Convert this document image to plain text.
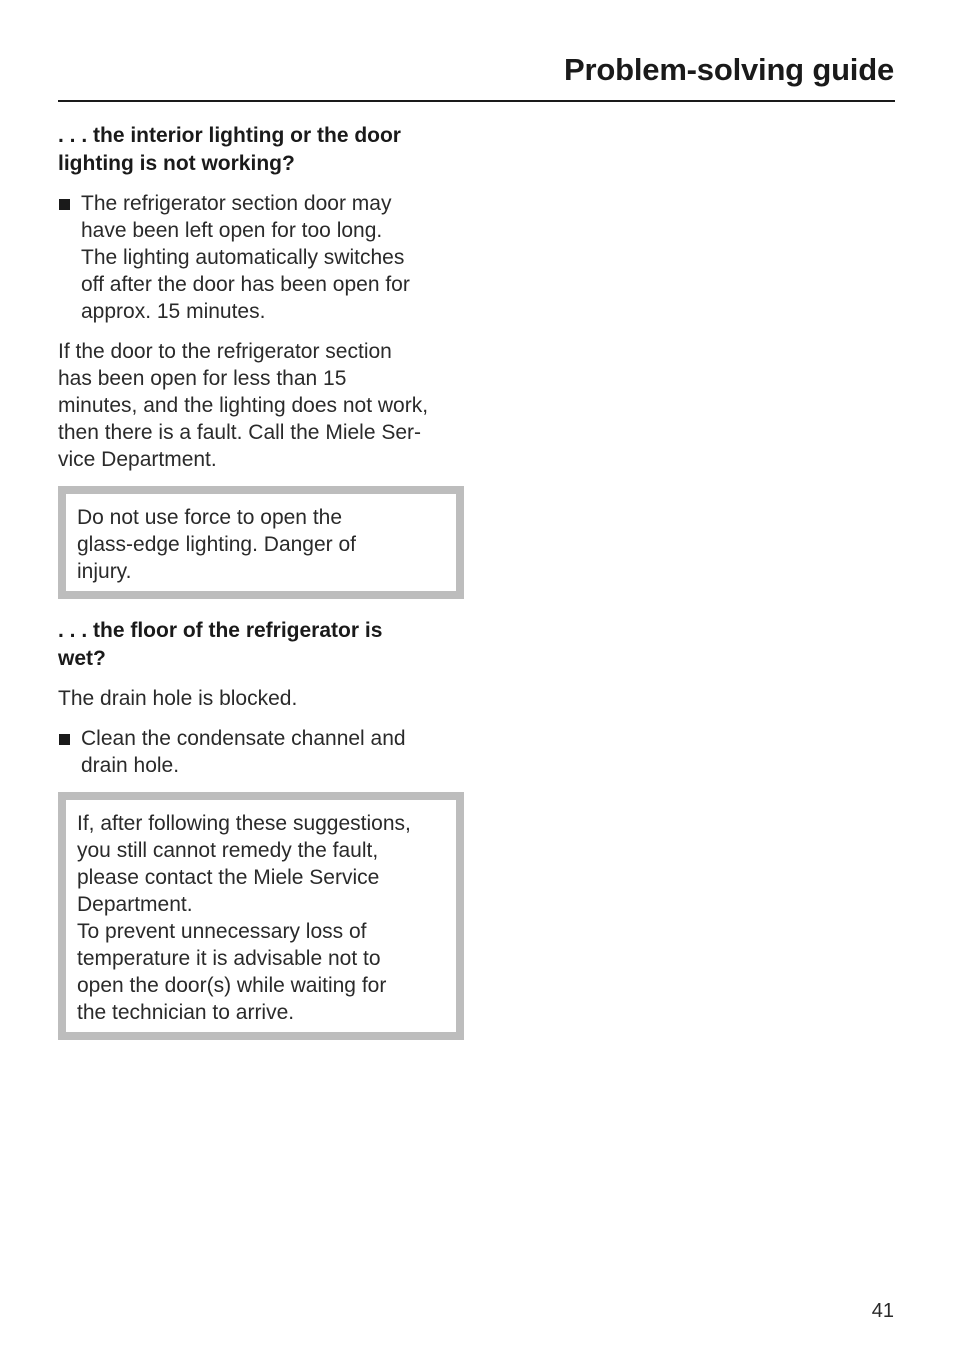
Problem-solving guide
. . . the interior lighting or the door
lighting is not working?
The refrigerator section door may
have been left open for too long.
The lighting automatically switches
off after the door has been open for
approx. 15 minutes.
If the door to the refrigerator section
has been open for less than 15
minutes, and the lighting does not work,
then there is a fault. Call the Miele Ser-
vice Department.
Do not use force to open the
glass-edge lighting. Danger of
injury.
. . . the floor of the refrigerator is
wet?
The drain hole is blocked.
Clean the condensate channel and
drain hole.
If, after following these suggestions,
you still cannot remedy the fault,
please contact the Miele Service
Department.
To prevent unnecessary loss of
temperature it is advisable not to
open the door(s) while waiting for
the technician to arrive.
41
